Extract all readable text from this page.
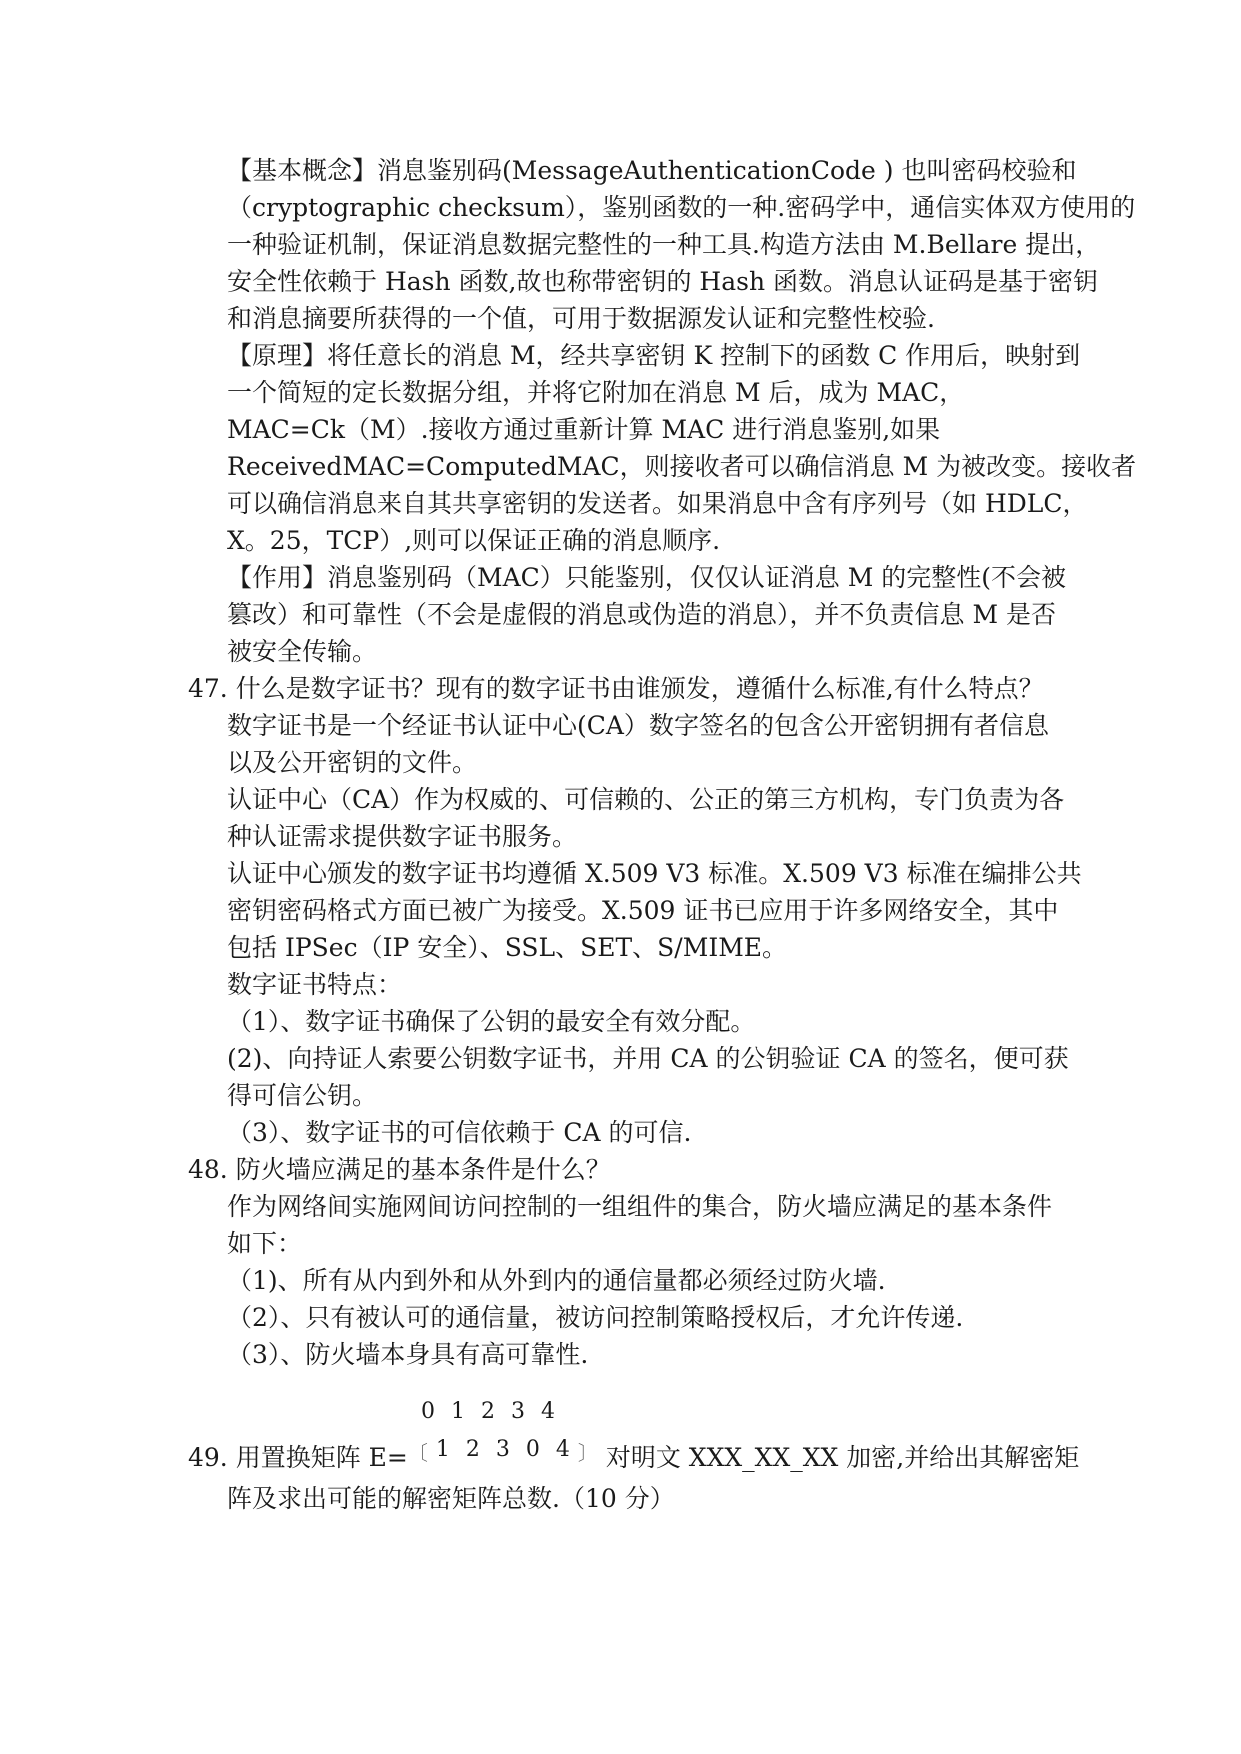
【基本概念】消息鉴别码(MessageAuthenticationCode ) 也叫密码校验和
（cryptographic checksum），鉴别函数的一种.密码学中，通信实体双方使用的
一种验证机制，保证消息数据完整性的一种工具.构造方法由 M.Bellare 提出，
安全性依赖于 Hash 函数,故也称带密钥的 Hash 函数。消息认证码是基于密钥
和消息摘要所获得的一个值，可用于数据源发认证和完整性校验.
【原理】将任意长的消息 M，经共享密钥 K 控制下的函数 C 作用后，映射到
一个简短的定长数据分组，并将它附加在消息 M 后，成为 MAC，
MAC=Ck（M）.接收方通过重新计算 MAC 进行消息鉴别,如果
ReceivedMAC=ComputedMAC，则接收者可以确信消息 M 为被改变。接收者
可以确信消息来自其共享密钥的发送者。如果消息中含有序列号（如 HDLC，
X。25，TCP）,则可以保证正确的消息顺序.
【作用】消息鉴别码（MAC）只能鉴别，仅仅认证消息 M 的完整性(不会被
篡改）和可靠性（不会是虚假的消息或伪造的消息），并不负责信息 M 是否
被安全传输。
数字证书是一个经证书认证中心(CA）数字签名的包含公开密钥拥有者信息
以及公开密钥的文件。
认证中心（CA）作为权威的、可信赖的、公正的第三方机构，专门负责为各
种认证需求提供数字证书服务。
认证中心颁发的数字证书均遵循 X.509 V3 标准。X.509 V3 标准在编排公共
密钥密码格式方面已被广为接受。X.509 证书已应用于许多网络安全，其中
包括 IPSec（IP 安全）、SSL、SET、S/MIME。
数字证书特点：
（1）、数字证书确保了公钥的最安全有效分配。
(2)、向持证人索要公钥数字证书，并用 CA 的公钥验证 CA 的签名，便可获
得可信公钥。
（3）、数字证书的可信依赖于 CA 的可信.
作为网络间实施网间访问控制的一组组件的集合，防火墙应满足的基本条件
如下：
（1)、所有从内到外和从外到内的通信量都必须经过防火墙.
（2）、只有被认可的通信量，被访问控制策略授权后，才允许传递.
（3）、防火墙本身具有高可靠性.
阵及求出可能的解密矩阵总数.（10 分）
47. 什么是数字证书？现有的数字证书由谁颁发，遵循什么标准,有什么特点？
48. 防火墙应满足的基本条件是什么？
0 1 2 3 4
49. 用置换矩阵 E=〔 1 2 3 0 4 〕 对明文 XXX_XX_XX 加密,并给出其解密矩
